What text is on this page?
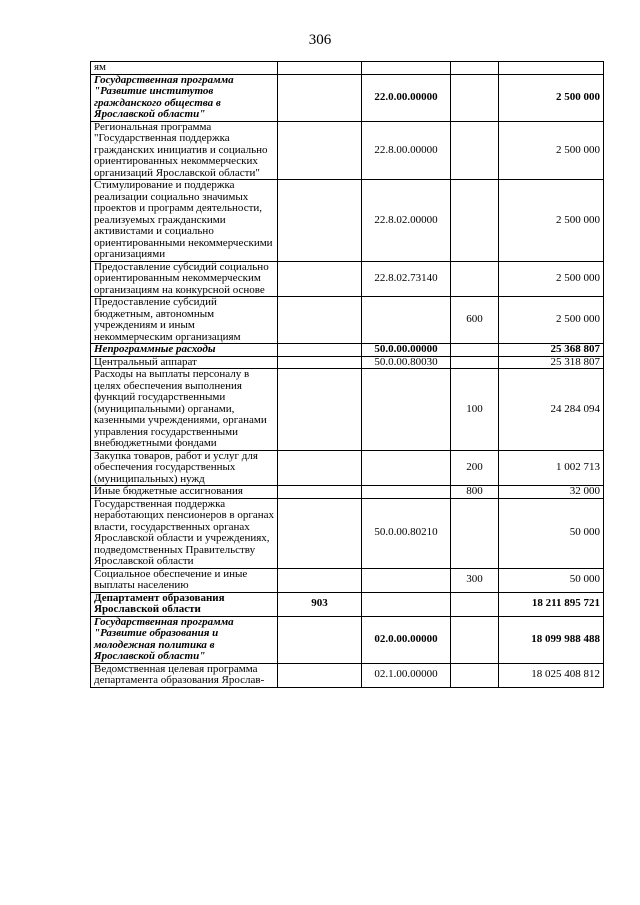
306
ям				
Государственная программа "Развитие институтов гражданского общества в Ярославской области"		22.0.00.00000		2 500 000
Региональная программа "Государственная поддержка гражданских инициатив и социально ориентированных некоммерческих организаций Ярославской области"		22.8.00.00000		2 500 000
Стимулирование и поддержка реализации социально значимых проектов и программ деятельности, реализуемых гражданскими активистами и социально ориентированными некоммерческими организациями		22.8.02.00000		2 500 000
Предоставление субсидий социально ориентированным некоммерческим организациям на конкурсной основе		22.8.02.73140		2 500 000
Предоставление субсидий бюджетным, автономным учреждениям и иным некоммерческим организациям			600	2 500 000
Непрограммные расходы		50.0.00.00000		25 368 807
Центральный аппарат		50.0.00.80030		25 318 807
Расходы на выплаты персоналу в целях обеспечения выполнения функций государственными (муниципальными) органами, казенными учреждениями, органами управления государственными внебюджетными фондами			100	24 284 094
Закупка товаров, работ и услуг для обеспечения государственных (муниципальных) нужд			200	1 002 713
Иные бюджетные ассигнования			800	32 000
Государственная поддержка неработающих пенсионеров в органах власти, государственных органах Ярославской области и учреждениях, подведомственных Правительству Ярославской области		50.0.00.80210		50 000
Социальное обеспечение и иные выплаты населению			300	50 000
Департамент образования Ярославской области	903			18 211 895 721
Государственная программа "Развитие образования и молодежная политика в Ярославской области"		02.0.00.00000		18 099 988 488
Ведомственная целевая программа департамента образования Ярослав-		02.1.00.00000		18 025 408 812
